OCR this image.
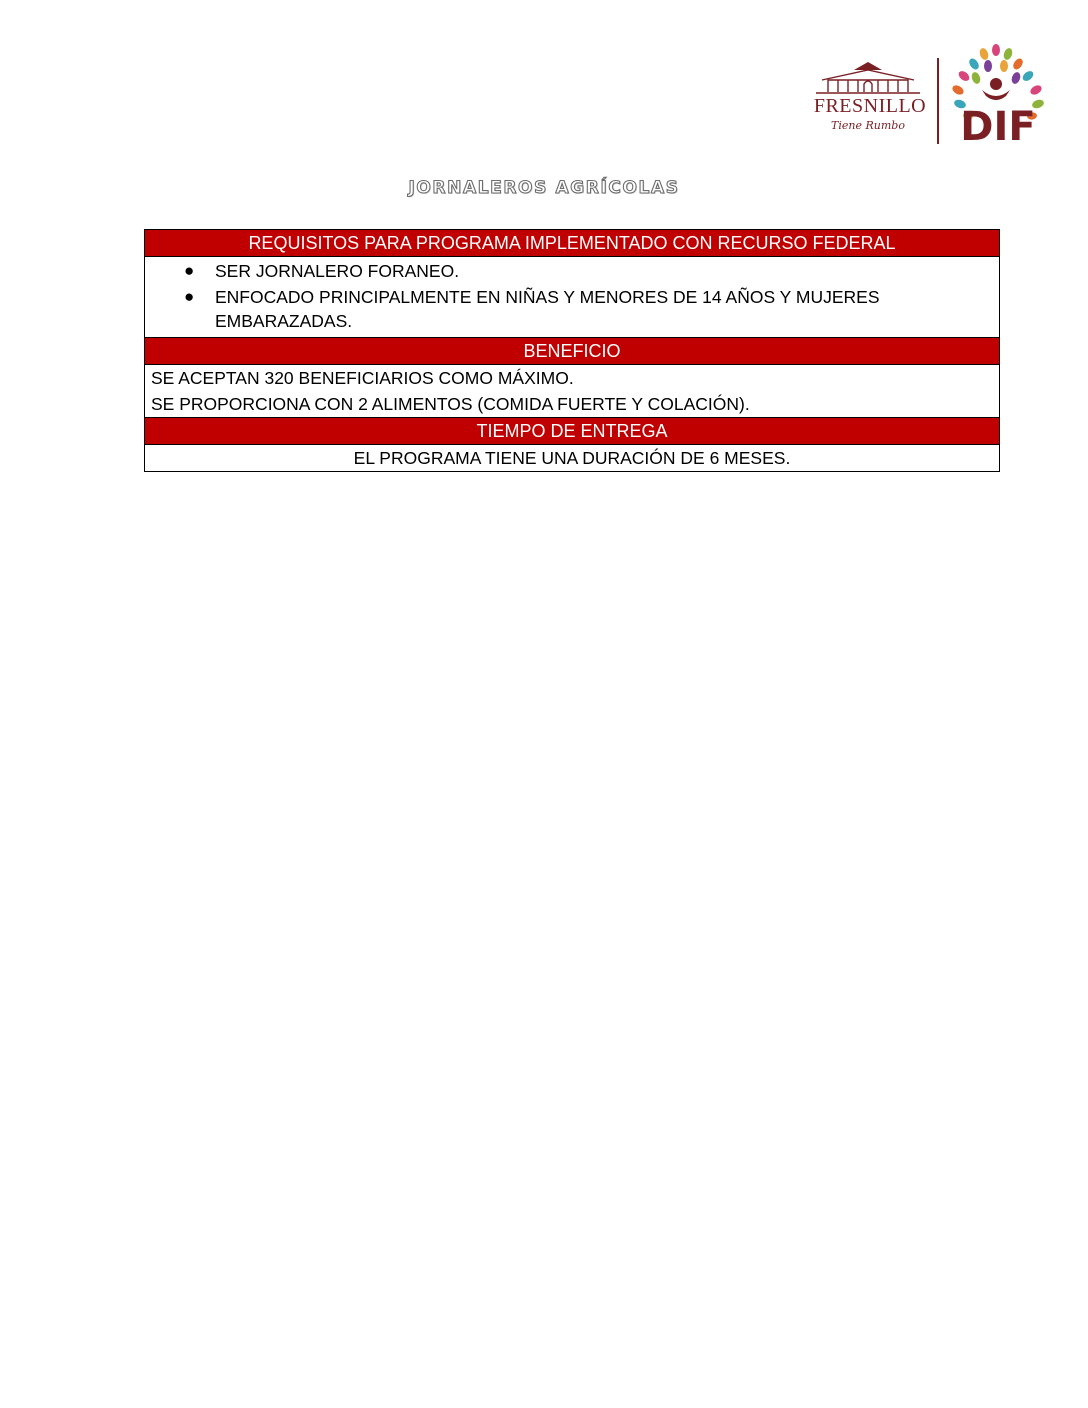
FRESNILLO
Tiene Rumbo DIF
JORNALEROS AGRÍCOLAS
REQUISITOS PARA PROGRAMA IMPLEMENTADO CON RECURSO FEDERAL
● SER JORNALERO FORANEO.
● ENFOCADO PRINCIPALMENTE EN NIÑAS Y MENORES DE 14 AÑOS Y MUJERES EMBARAZADAS.
BENEFICIO
SE ACEPTAN 320 BENEFICIARIOS COMO MÁXIMO.
SE PROPORCIONA CON 2 ALIMENTOS (COMIDA FUERTE Y COLACIÓN).
TIEMPO DE ENTREGA
EL PROGRAMA TIENE UNA DURACIÓN DE 6 MESES.
